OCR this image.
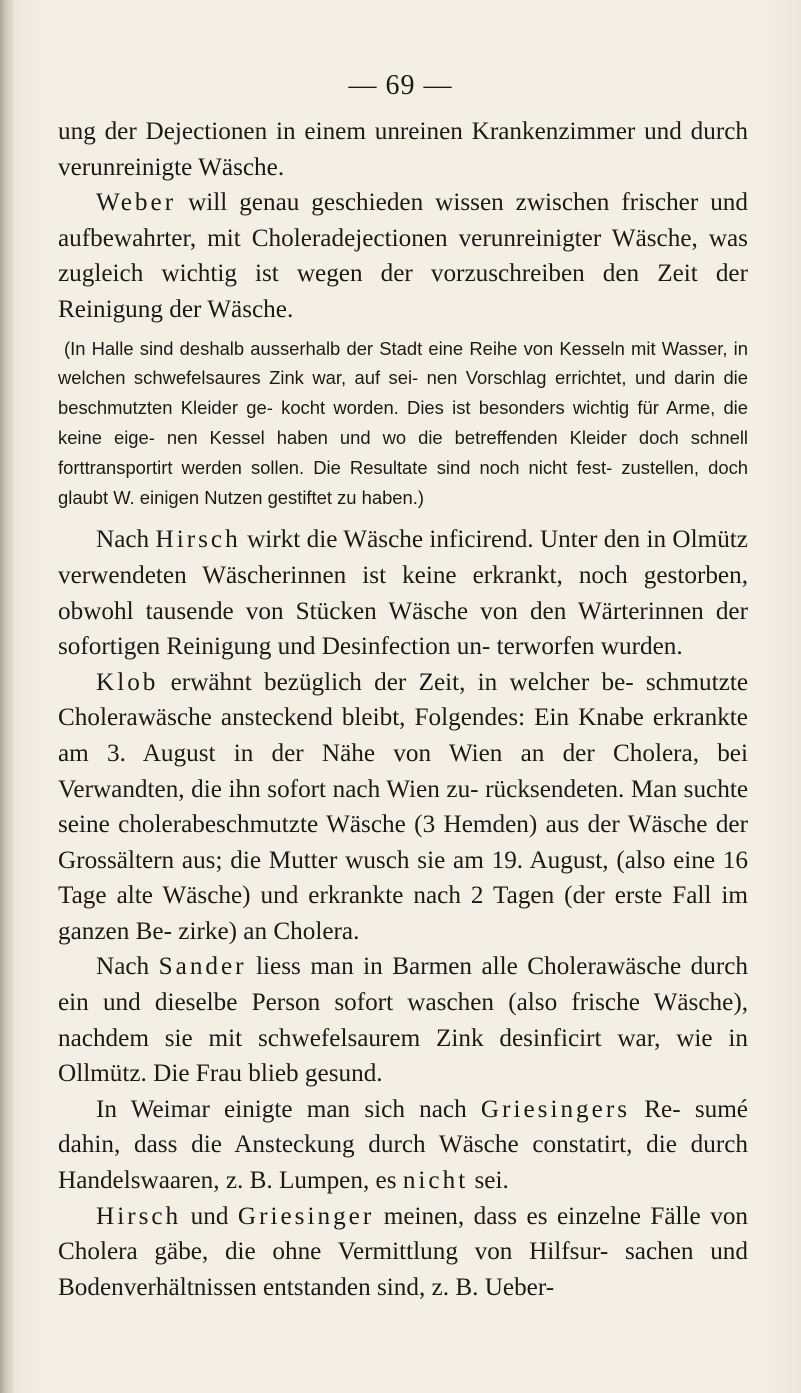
— 69 —

ung der Dejectionen in einem unreinen Krankenzimmer und durch verunreinigte Wäsche.

Weber will genau geschieden wissen zwischen frischer und aufbewahrter, mit Choleradejectionen verunreinigter Wäsche, was zugleich wichtig ist wegen der vorzuschreiben den Zeit der Reinigung der Wäsche.

(In Halle sind deshalb ausserhalb der Stadt eine Reihe von Kesseln mit Wasser, in welchen schwefelsaures Zink war, auf sei- nen Vorschlag errichtet, und darin die beschmutzten Kleider ge- kocht worden. Dies ist besonders wichtig für Arme, die keine eige- nen Kessel haben und wo die betreffenden Kleider doch schnell forttransportirt werden sollen. Die Resultate sind noch nicht fest- zustellen, doch glaubt W. einigen Nutzen gestiftet zu haben.)

Nach Hirsch wirkt die Wäsche inficirend. Unter den in Olmütz verwendeten Wäscherinnen ist keine erkrankt, noch gestorben, obwohl tausende von Stücken Wäsche von den Wärterinnen der sofortigen Reinigung und Desinfection un- terworfen wurden.

Klob erwähnt bezüglich der Zeit, in welcher be- schmutzte Cholerawäsche ansteckend bleibt, Folgendes: Ein Knabe erkrankte am 3. August in der Nähe von Wien an der Cholera, bei Verwandten, die ihn sofort nach Wien zu- rücksendeten. Man suchte seine cholerabeschmutzte Wäsche (3 Hemden) aus der Wäsche der Grossältern aus; die Mutter wusch sie am 19. August, (also eine 16 Tage alte Wäsche) und erkrankte nach 2 Tagen (der erste Fall im ganzen Be- zirke) an Cholera.

Nach Sander liess man in Barmen alle Cholerawäsche durch ein und dieselbe Person sofort waschen (also frische Wäsche), nachdem sie mit schwefelsaurem Zink desinficirt war, wie in Ollmütz. Die Frau blieb gesund.

In Weimar einigte man sich nach Griesingers Re- sumé dahin, dass die Ansteckung durch Wäsche constatirt, die durch Handelswaaren, z. B. Lumpen, es nicht sei.

Hirsch und Griesinger meinen, dass es einzelne Fälle von Cholera gäbe, die ohne Vermittlung von Hilfsur- sachen und Bodenverhältnissen entstanden sind, z. B. Ueber-
